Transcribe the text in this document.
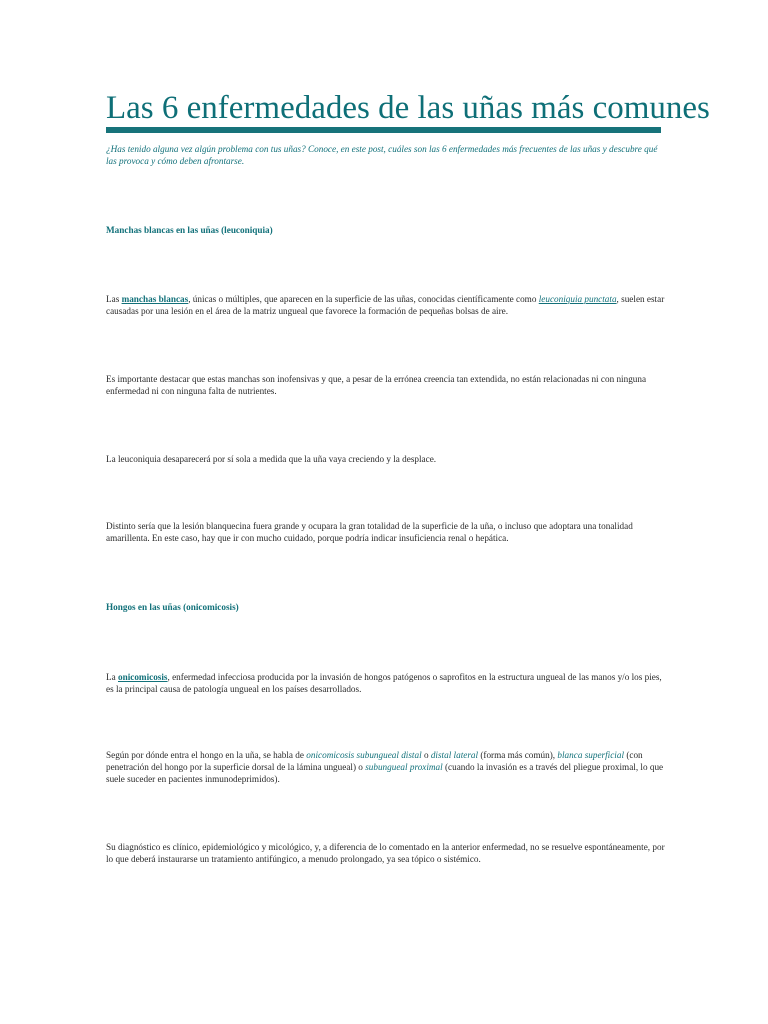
Las 6 enfermedades de las uñas más comunes

¿Has tenido alguna vez algún problema con tus uñas? Conoce, en este post, cuáles son las 6 enfermedades más frecuentes de las uñas y descubre qué las provoca y cómo deben afrontarse.

Manchas blancas en las uñas (leuconiquia)

Las manchas blancas, únicas o múltiples, que aparecen en la superficie de las uñas, conocidas científicamente como leuconiquia punctata, suelen estar causadas por una lesión en el área de la matriz ungueal que favorece la formación de pequeñas bolsas de aire.

Es importante destacar que estas manchas son inofensivas y que, a pesar de la errónea creencia tan extendida, no están relacionadas ni con ninguna enfermedad ni con ninguna falta de nutrientes.

La leuconiquia desaparecerá por sí sola a medida que la uña vaya creciendo y la desplace.

Distinto sería que la lesión blanquecina fuera grande y ocupara la gran totalidad de la superficie de la uña, o incluso que adoptara una tonalidad amarillenta. En este caso, hay que ir con mucho cuidado, porque podría indicar insuficiencia renal o hepática.

Hongos en las uñas (onicomicosis)

La onicomicosis, enfermedad infecciosa producida por la invasión de hongos patógenos o saprofitos en la estructura ungueal de las manos y/o los pies, es la principal causa de patología ungueal en los países desarrollados.

Según por dónde entra el hongo en la uña, se habla de onicomicosis subungueal distal o distal lateral (forma más común), blanca superficial (con penetración del hongo por la superficie dorsal de la lámina ungueal) o subungueal proximal (cuando la invasión es a través del pliegue proximal, lo que suele suceder en pacientes inmunodeprimidos).

Su diagnóstico es clínico, epidemiológico y micológico, y, a diferencia de lo comentado en la anterior enfermedad, no se resuelve espontáneamente, por lo que deberá instaurarse un tratamiento antifúngico, a menudo prolongado, ya sea tópico o sistémico.
